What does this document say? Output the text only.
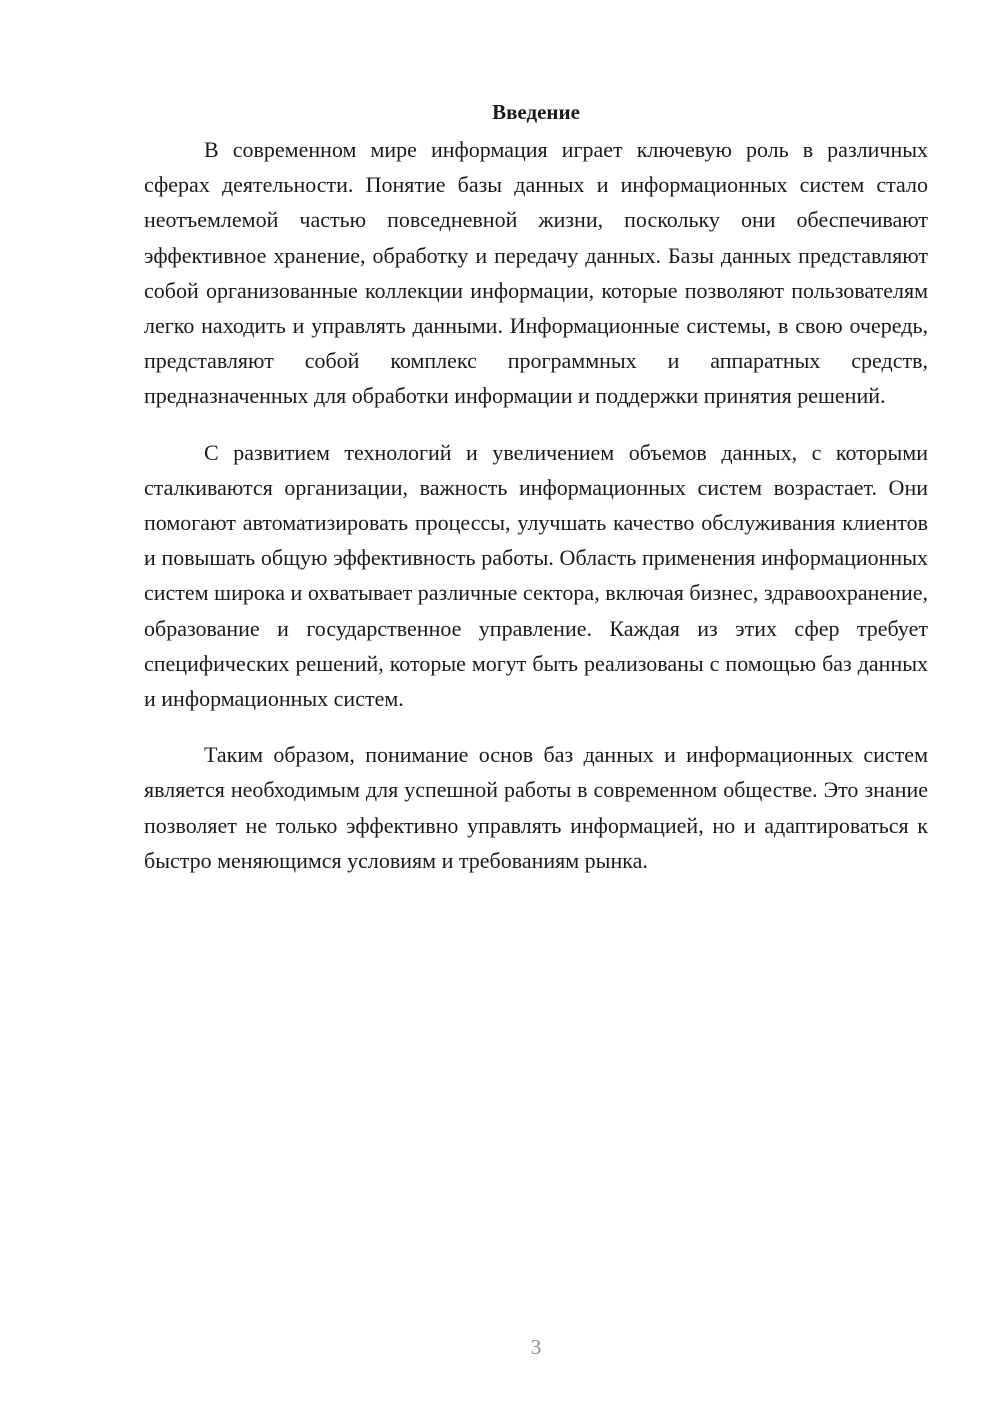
Введение

В современном мире информация играет ключевую роль в различных сферах деятельности. Понятие базы данных и информационных систем стало неотъемлемой частью повседневной жизни, поскольку они обеспечивают эффективное хранение, обработку и передачу данных. Базы данных представляют собой организованные коллекции информации, которые позволяют пользователям легко находить и управлять данными. Информационные системы, в свою очередь, представляют собой комплекс программных и аппаратных средств, предназначенных для обработки информации и поддержки принятия решений.

С развитием технологий и увеличением объемов данных, с которыми сталкиваются организации, важность информационных систем возрастает. Они помогают автоматизировать процессы, улучшать качество обслуживания клиентов и повышать общую эффективность работы. Область применения информационных систем широка и охватывает различные сектора, включая бизнес, здравоохранение, образование и государственное управление. Каждая из этих сфер требует специфических решений, которые могут быть реализованы с помощью баз данных и информационных систем.

Таким образом, понимание основ баз данных и информационных систем является необходимым для успешной работы в современном обществе. Это знание позволяет не только эффективно управлять информацией, но и адаптироваться к быстро меняющимся условиям и требованиям рынка.

3
